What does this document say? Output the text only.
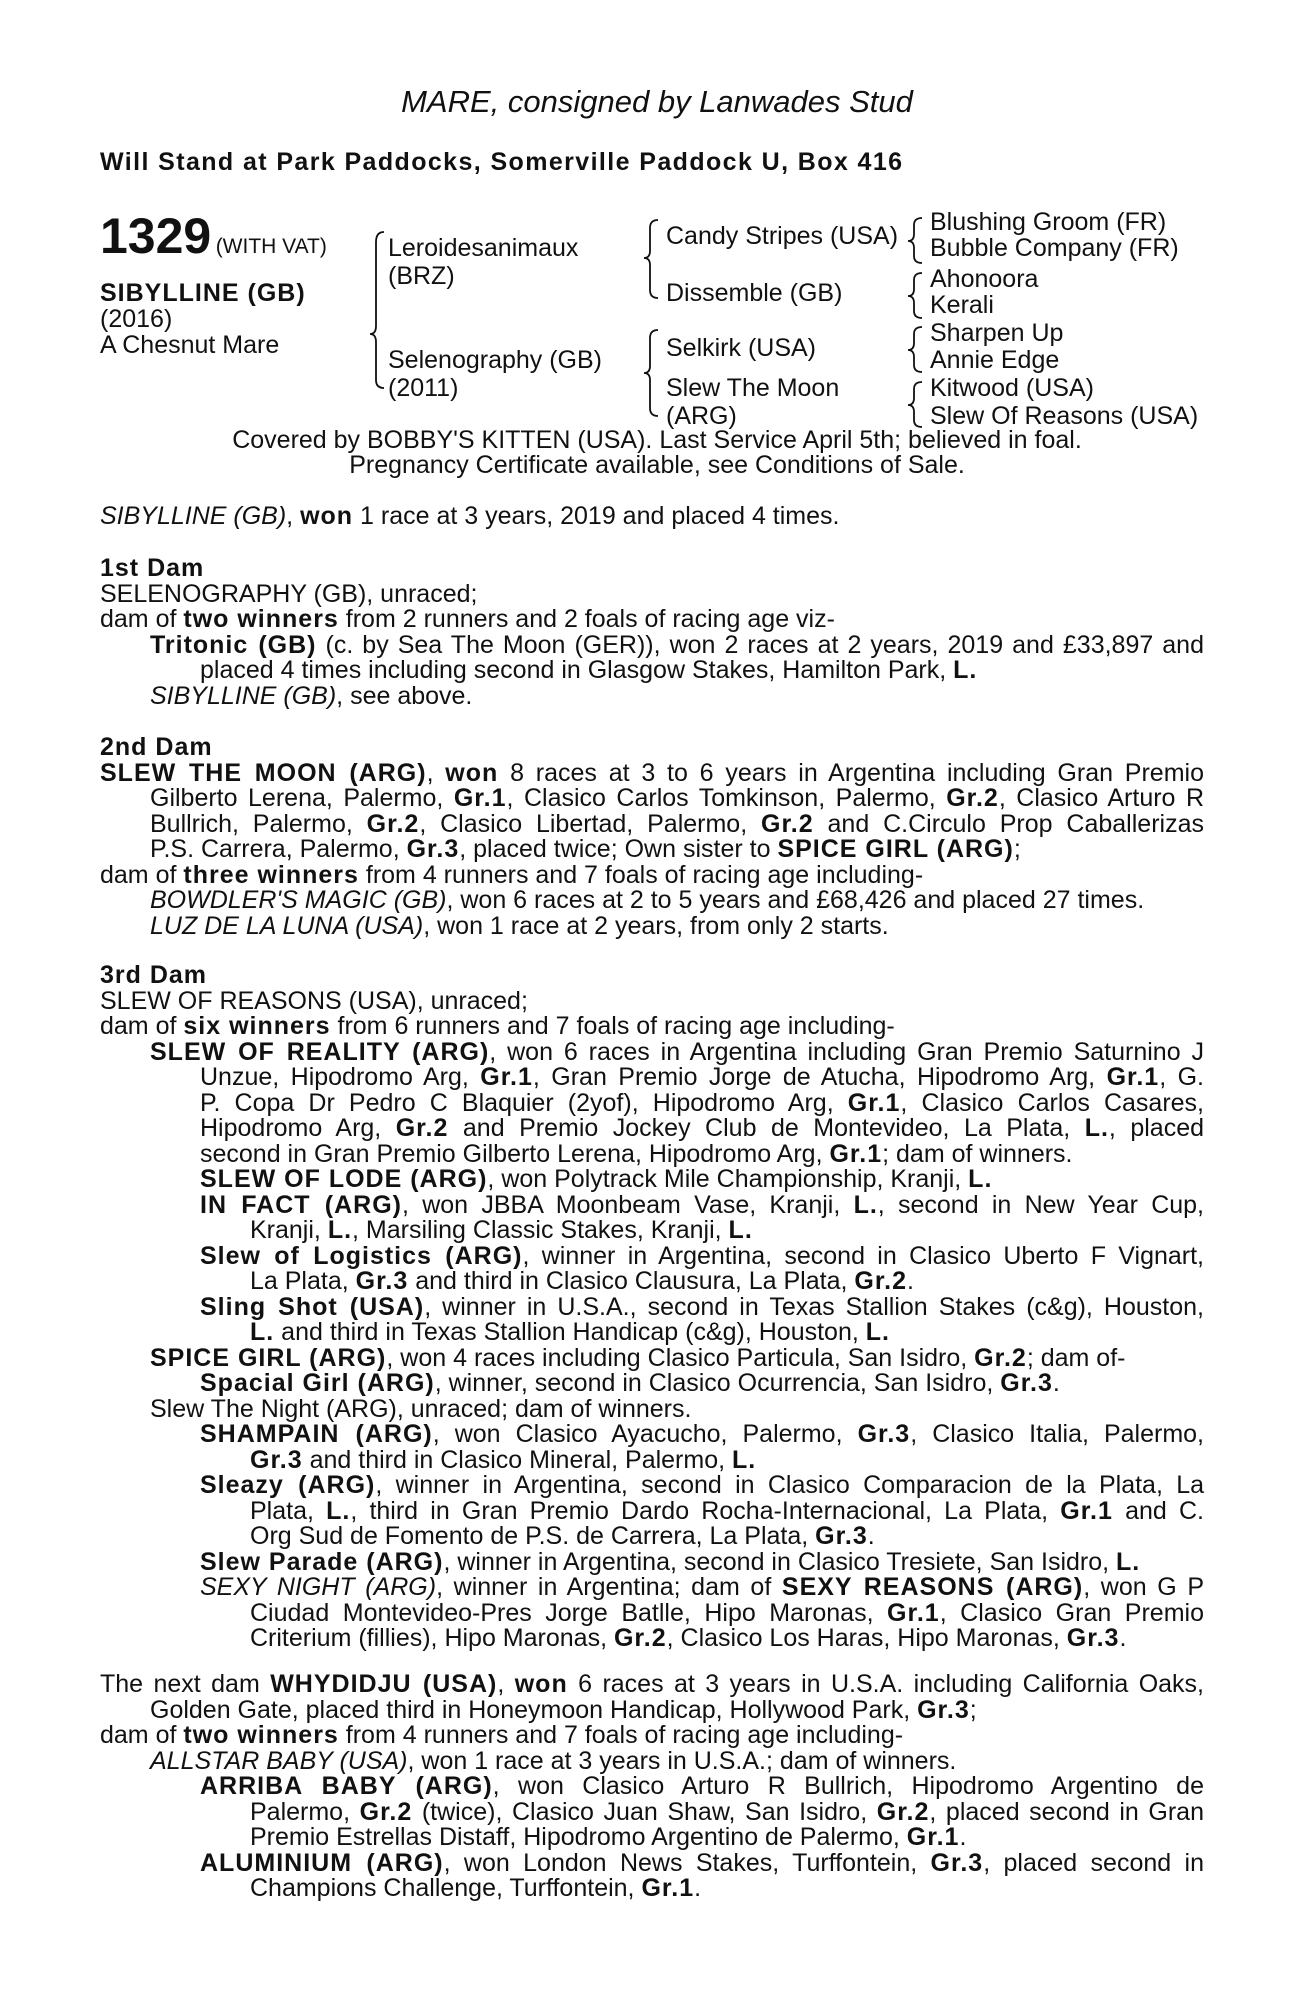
MARE, consigned by Lanwades Stud
Will Stand at Park Paddocks, Somerville Paddock U, Box 416
1329 (WITH VAT)
SIBYLLINE (GB)
(2016)
A Chesnut Mare
Leroidesanimaux
(BRZ)
Selenography (GB)
(2011)
Candy Stripes (USA)
Dissemble (GB)
Selkirk (USA)
Slew The Moon
(ARG)
Blushing Groom (FR)
Bubble Company (FR)
Ahonoora
Kerali
Sharpen Up
Annie Edge
Kitwood (USA)
Slew Of Reasons (USA)
Covered by BOBBY'S KITTEN (USA). Last Service April 5th; believed in foal.
Pregnancy Certificate available, see Conditions of Sale.
SIBYLLINE (GB), won 1 race at 3 years, 2019 and placed 4 times.
1st Dam
SELENOGRAPHY (GB), unraced;
dam of two winners from 2 runners and 2 foals of racing age viz-
Tritonic (GB) (c. by Sea The Moon (GER)), won 2 races at 2 years, 2019 and £33,897 and
placed 4 times including second in Glasgow Stakes, Hamilton Park, L.
SIBYLLINE (GB), see above.
2nd Dam
SLEW THE MOON (ARG), won 8 races at 3 to 6 years in Argentina including Gran Premio
Gilberto Lerena, Palermo, Gr.1, Clasico Carlos Tomkinson, Palermo, Gr.2, Clasico Arturo R
Bullrich, Palermo, Gr.2, Clasico Libertad, Palermo, Gr.2 and C.Circulo Prop Caballerizas
P.S. Carrera, Palermo, Gr.3, placed twice; Own sister to SPICE GIRL (ARG);
dam of three winners from 4 runners and 7 foals of racing age including-
BOWDLER'S MAGIC (GB), won 6 races at 2 to 5 years and £68,426 and placed 27 times.
LUZ DE LA LUNA (USA), won 1 race at 2 years, from only 2 starts.
3rd Dam
SLEW OF REASONS (USA), unraced;
dam of six winners from 6 runners and 7 foals of racing age including-
SLEW OF REALITY (ARG), won 6 races in Argentina including Gran Premio Saturnino J
Unzue, Hipodromo Arg, Gr.1, Gran Premio Jorge de Atucha, Hipodromo Arg, Gr.1, G.
P. Copa Dr Pedro C Blaquier (2yof), Hipodromo Arg, Gr.1, Clasico Carlos Casares,
Hipodromo Arg, Gr.2 and Premio Jockey Club de Montevideo, La Plata, L., placed
second in Gran Premio Gilberto Lerena, Hipodromo Arg, Gr.1; dam of winners.
SLEW OF LODE (ARG), won Polytrack Mile Championship, Kranji, L.
IN FACT (ARG), won JBBA Moonbeam Vase, Kranji, L., second in New Year Cup,
Kranji, L., Marsiling Classic Stakes, Kranji, L.
Slew of Logistics (ARG), winner in Argentina, second in Clasico Uberto F Vignart,
La Plata, Gr.3 and third in Clasico Clausura, La Plata, Gr.2.
Sling Shot (USA), winner in U.S.A., second in Texas Stallion Stakes (c&g), Houston,
L. and third in Texas Stallion Handicap (c&g), Houston, L.
SPICE GIRL (ARG), won 4 races including Clasico Particula, San Isidro, Gr.2; dam of-
Spacial Girl (ARG), winner, second in Clasico Ocurrencia, San Isidro, Gr.3.
Slew The Night (ARG), unraced; dam of winners.
SHAMPAIN (ARG), won Clasico Ayacucho, Palermo, Gr.3, Clasico Italia, Palermo,
Gr.3 and third in Clasico Mineral, Palermo, L.
Sleazy (ARG), winner in Argentina, second in Clasico Comparacion de la Plata, La
Plata, L., third in Gran Premio Dardo Rocha-Internacional, La Plata, Gr.1 and C.
Org Sud de Fomento de P.S. de Carrera, La Plata, Gr.3.
Slew Parade (ARG), winner in Argentina, second in Clasico Tresiete, San Isidro, L.
SEXY NIGHT (ARG), winner in Argentina; dam of SEXY REASONS (ARG), won G P
Ciudad Montevideo-Pres Jorge Batlle, Hipo Maronas, Gr.1, Clasico Gran Premio
Criterium (fillies), Hipo Maronas, Gr.2, Clasico Los Haras, Hipo Maronas, Gr.3.
The next dam WHYDIDJU (USA), won 6 races at 3 years in U.S.A. including California Oaks,
Golden Gate, placed third in Honeymoon Handicap, Hollywood Park, Gr.3;
dam of two winners from 4 runners and 7 foals of racing age including-
ALLSTAR BABY (USA), won 1 race at 3 years in U.S.A.; dam of winners.
ARRIBA BABY (ARG), won Clasico Arturo R Bullrich, Hipodromo Argentino de
Palermo, Gr.2 (twice), Clasico Juan Shaw, San Isidro, Gr.2, placed second in Gran
Premio Estrellas Distaff, Hipodromo Argentino de Palermo, Gr.1.
ALUMINIUM (ARG), won London News Stakes, Turffontein, Gr.3, placed second in
Champions Challenge, Turffontein, Gr.1.
